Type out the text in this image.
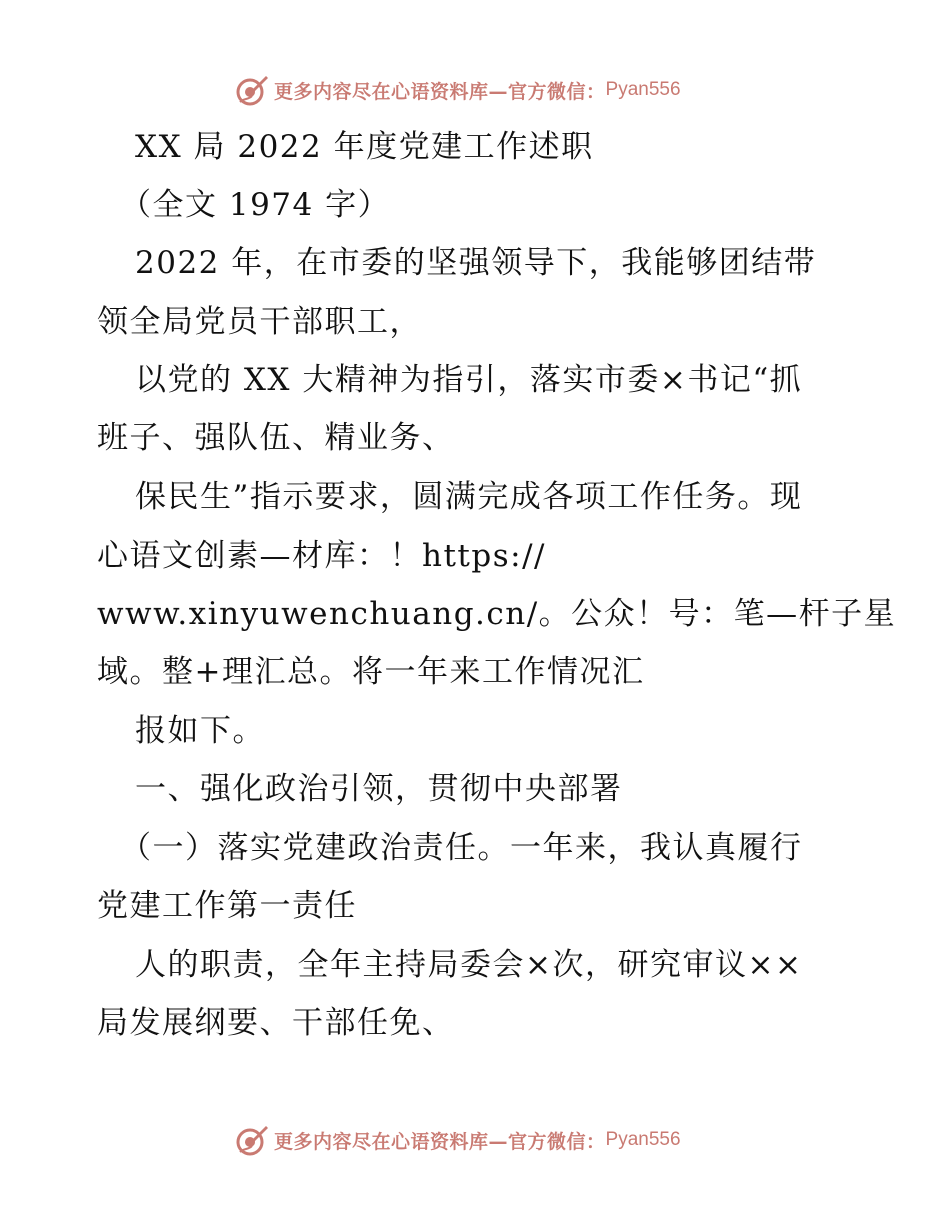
更多内容尽在心语资料库—官方微信： Pyan556
XX 局 2022 年度党建工作述职
（全文 1974 字）
2022 年，在市委的坚强领导下，我能够团结带
领全局党员干部职工，
以党的 XX 大精神为指引，落实市委×书记“抓
班子、强队伍、精业务、
保民生”指示要求，圆满完成各项工作任务。现
心语文创素—材库：！https://
www.xinyuwenchuang.cn/。公众！号：笔—杆子星
域。整+理汇总。将一年来工作情况汇
报如下。
一、强化政治引领，贯彻中央部署
（一）落实党建政治责任。一年来，我认真履行
党建工作第一责任
人的职责，全年主持局委会×次，研究审议××
局发展纲要、干部任免、
更多内容尽在心语资料库—官方微信： Pyan556
